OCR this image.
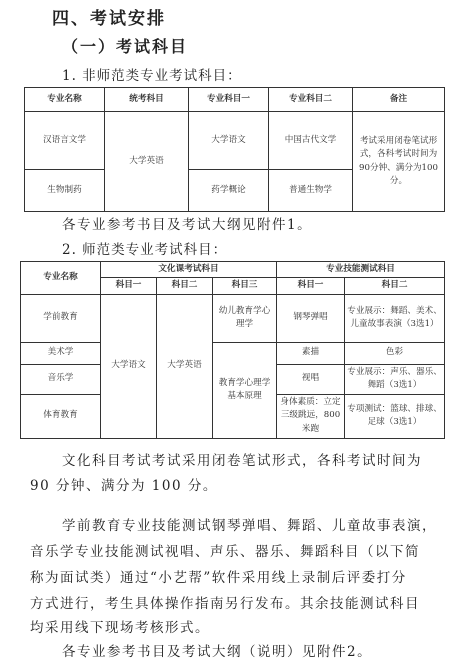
四、考试安排
（一）考试科目
1. 非师范类专业考试科目：
专业名称	统考科目	专业科目一	专业科目二	备注
汉语言文学	大学英语	大学语文	中国古代文学	考试采用闭卷笔试形式，各科考试时间为90分钟、满分为100分。
生物制药		药学概论	普通生物学	
各专业参考书目及考试大纲见附件1。
2. 师范类专业考试科目：
专业名称	文化课考试科目			专业技能测试科目	
	科目一	科目二	科目三	科目一	科目二
学前教育	大学语文	大学英语	幼儿教育学心理学	钢琴弹唱	专业展示：舞蹈、美术、儿童故事表演（3选1）
美术学			教育学心理学基本原理	素描	色彩
音乐学				视唱	专业展示：声乐、器乐、舞蹈（3选1）
体育教育				身体素质：立定三级跳远，800米跑	专项测试：篮球、排球、足球（3选1）
文化科目考试考试采用闭卷笔试形式，各科考试时间为
90 分钟、满分为 100 分。
学前教育专业技能测试钢琴弹唱、舞蹈、儿童故事表演，
音乐学专业技能测试视唱、声乐、器乐、舞蹈科目（以下简
称为面试类）通过“小艺帮”软件采用线上录制后评委打分
方式进行，考生具体操作指南另行发布。其余技能测试科目
均采用线下现场考核形式。
各专业参考书目及考试大纲（说明）见附件2。
